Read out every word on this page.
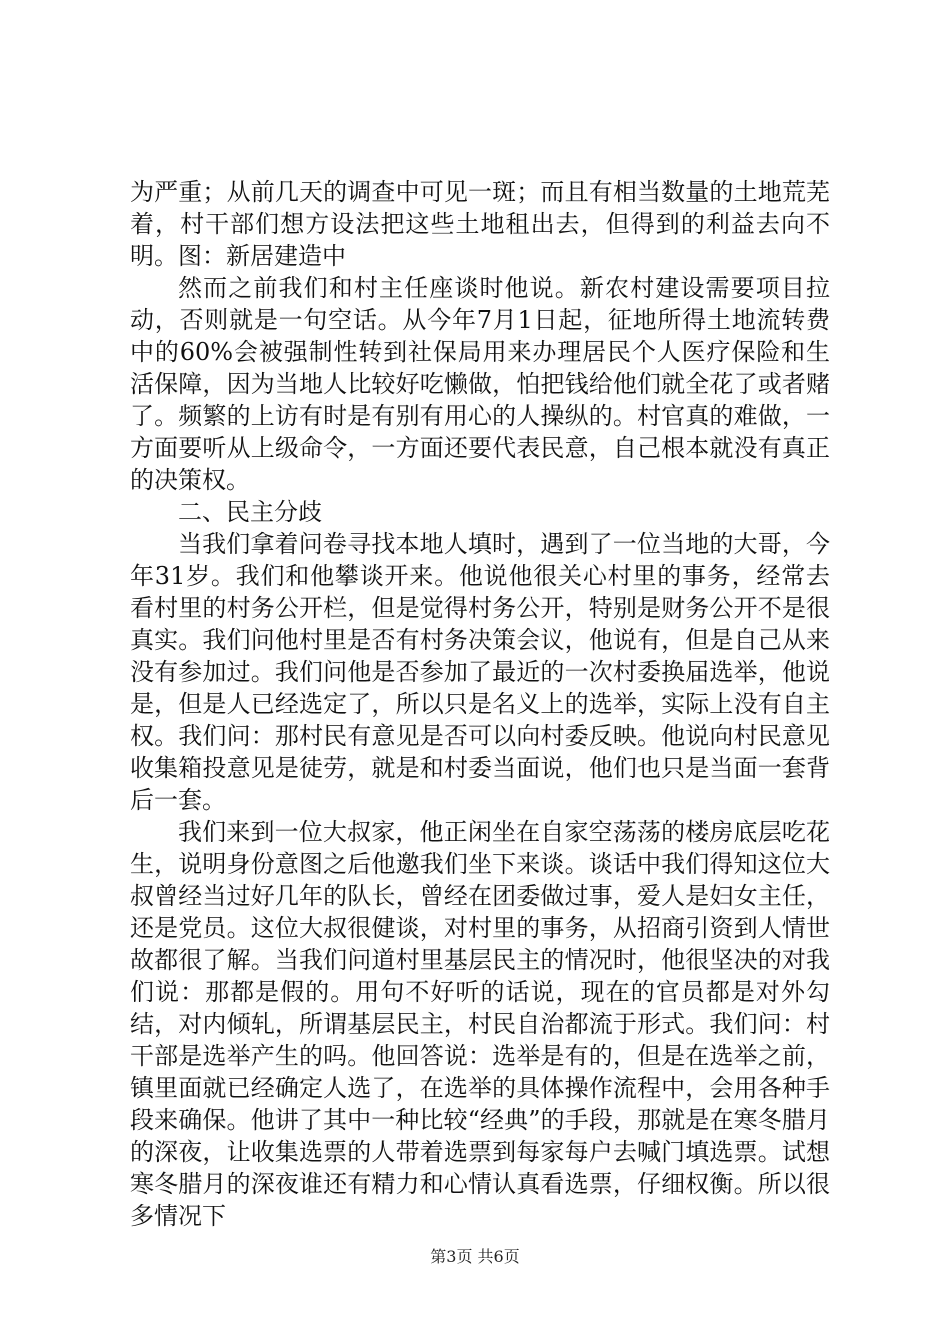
为严重；从前几天的调查中可见一斑；而且有相当数量的土地荒芜着，村干部们想方设法把这些土地租出去，但得到的利益去向不明。图：新居建造中

然而之前我们和村主任座谈时他说。新农村建设需要项目拉动，否则就是一句空话。从今年7月1日起，征地所得土地流转费中的60%会被强制性转到社保局用来办理居民个人医疗保险和生活保障，因为当地人比较好吃懒做，怕把钱给他们就全花了或者赌了。频繁的上访有时是有别有用心的人操纵的。村官真的难做，一方面要听从上级命令，一方面还要代表民意，自己根本就没有真正的决策权。

二、民主分歧

当我们拿着问卷寻找本地人填时，遇到了一位当地的大哥，今年31岁。我们和他攀谈开来。他说他很关心村里的事务，经常去看村里的村务公开栏，但是觉得村务公开，特别是财务公开不是很真实。我们问他村里是否有村务决策会议，他说有，但是自己从来没有参加过。我们问他是否参加了最近的一次村委换届选举，他说是，但是人已经选定了，所以只是名义上的选举，实际上没有自主权。我们问：那村民有意见是否可以向村委反映。他说向村民意见收集箱投意见是徒劳，就是和村委当面说，他们也只是当面一套背后一套。

我们来到一位大叔家，他正闲坐在自家空荡荡的楼房底层吃花生，说明身份意图之后他邀我们坐下来谈。谈话中我们得知这位大叔曾经当过好几年的队长，曾经在团委做过事，爱人是妇女主任，还是党员。这位大叔很健谈，对村里的事务，从招商引资到人情世故都很了解。当我们问道村里基层民主的情况时，他很坚决的对我们说：那都是假的。用句不好听的话说，现在的官员都是对外勾结，对内倾轧，所谓基层民主，村民自治都流于形式。我们问：村干部是选举产生的吗。他回答说：选举是有的，但是在选举之前，镇里面就已经确定人选了，在选举的具体操作流程中，会用各种手段来确保。他讲了其中一种比较“经典”的手段，那就是在寒冬腊月的深夜，让收集选票的人带着选票到每家每户去喊门填选票。试想寒冬腊月的深夜谁还有精力和心情认真看选票，仔细权衡。所以很多情况下

第3页 共6页
